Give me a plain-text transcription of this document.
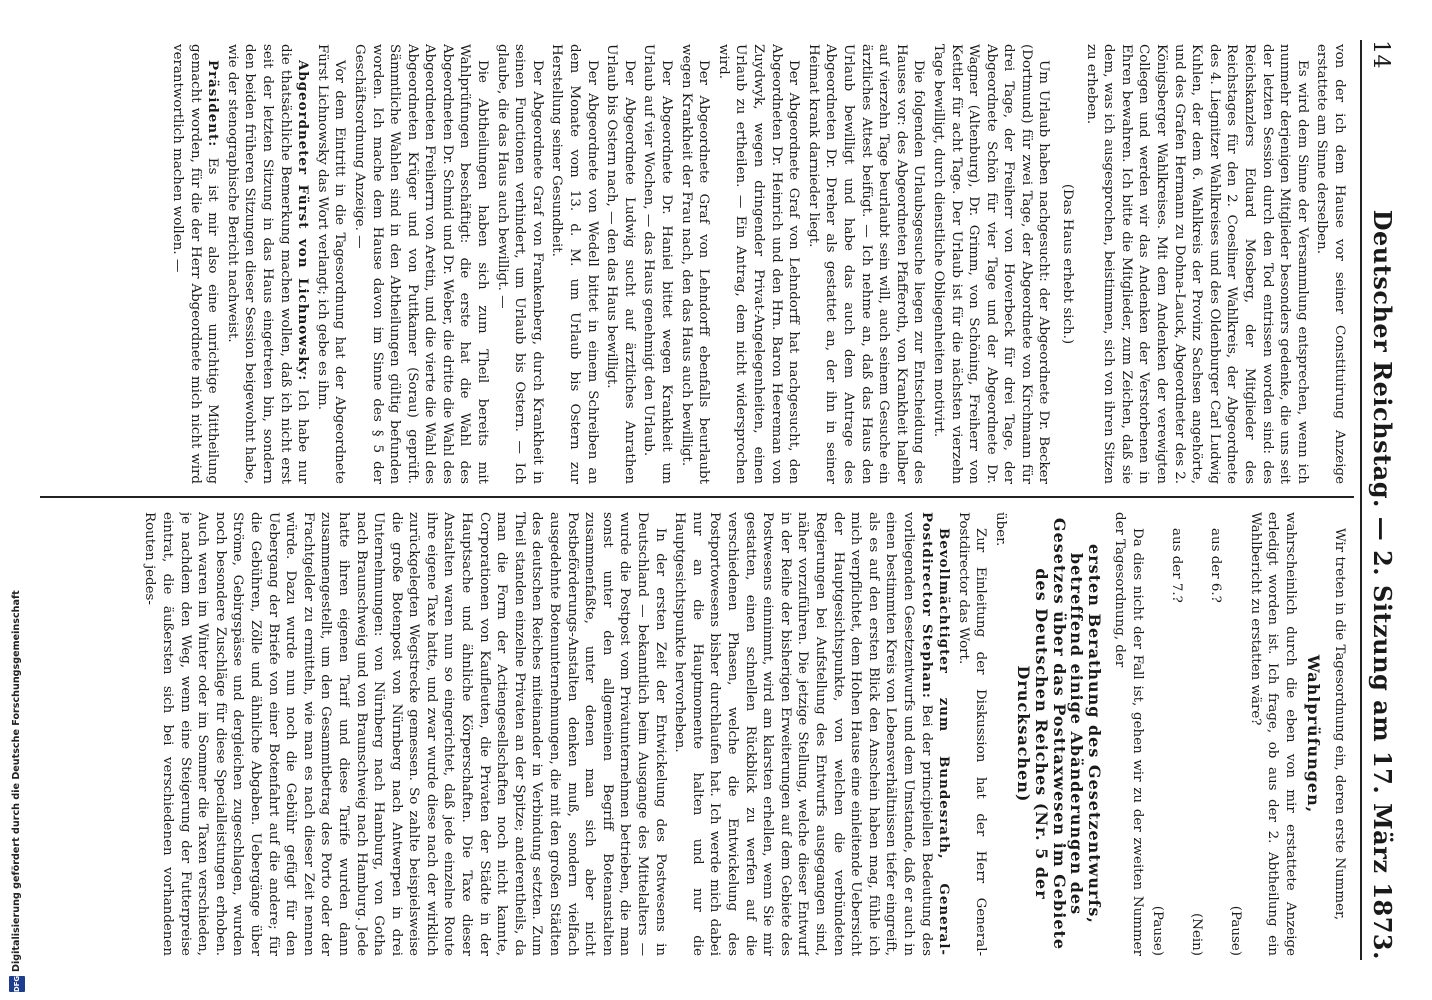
14
Deutscher Reichstag. — 2. Sitzung am 17. März 1873.

von der ich dem Hause vor seiner Constituirung Anzeige erstattete am Sinne derselben.

Es wird dem Sinne der Versammlung entsprechen, wenn ich nunmehr derjenigen Mitglieder besonders gedenke, die uns seit der letzten Session durch den Tod entrissen worden sind: des Reichskanzlers Eduard Mosberg, der Mitglieder des Reichstages für den 2. Coesliner Wahlkreis, der Abgeordnete des 4. Liegnitzer Wahlkreises und des Oldenburger Carl Ludwig Kuhlen, der dem 6. Wahlkreis der Provinz Sachsen angehörte, und des Grafen Hermann zu Dohna-Lauck, Abgeordneter des 2. Königsberger Wahlkreises. Mit dem Andenken der verewigten Collegen und werden wir das Andenken der Verstorbenen in Ehren bewahren. Ich bitte die Mitglieder, zum Zeichen, daß sie dem, was ich ausgesprochen, beistimmen, sich von ihren Sitzen zu erheben.

(Das Haus erhebt sich.)

Um Urlaub haben nachgesucht: der Abgeordnete Dr. Becker (Dortmund) für zwei Tage, der Abgeordnete von Kirchmann für drei Tage, der Freiherr von Hoverbeck für drei Tage, der Abgeordnete Schön für vier Tage und der Abgeordnete Dr. Wagner (Altenburg), Dr. Grimm, von Schöning, Freiherr von Kettler für acht Tage. Der Urlaub ist für die nächsten vierzehn Tage bewilligt, durch dienstliche Obliegenheiten motivirt.

Die folgenden Urlaubsgesuche liegen zur Entscheidung des Hauses vor: des Abgeordneten Pfafferoth, von Krankheit halber auf vierzehn Tage beurlaubt sein will, auch seinem Gesuche ein ärztliches Attest beifügt. — Ich nehme an, daß das Haus den Urlaub bewilligt und habe das auch dem Antrage des Abgeordneten Dr. Dreher als gestattet an, der ihn in seiner Heimat krank darnieder liegt.

Der Abgeordnete Graf von Lehndorff hat nachgesucht, den Abgeordneten Dr. Heinrich und den Hrn. Baron Heereman von Zuydwyk, wegen dringender Privat-Angelegenheiten, einen Urlaub zu ertheilen. — Ein Antrag, dem nicht widersprochen wird.

Der Abgeordnete Graf von Lehndorff ebenfalls beurlaubt wegen Krankheit der Frau nach, den das Haus auch bewilligt.

Der Abgeordnete Dr. Haniel bittet wegen Krankheit um Urlaub auf vier Wochen, — das Haus genehmigt den Urlaub.

Der Abgeordnete Ludwig sucht auf ärztliches Anrathen Urlaub bis Ostern nach, — den das Haus bewilligt.

Der Abgeordnete von Wedell bittet in einem Schreiben an dem Monate vom 13. d. M. um Urlaub bis Ostern zur Herstellung seiner Gesundheit.

Der Abgeordnete Graf von Frankenberg, durch Krankheit in seinen Functionen verhindert, um Urlaub bis Ostern. — Ich glaube, die das Haus auch bewilligt. —

Die Abtheilungen haben sich zum Theil bereits mit Wahlprüfungen beschäftigt: die erste hat die Wahl des Abgeordneten Dr. Schmid und Dr. Weber, die dritte die Wahl des Abgeordneten Freiherrn von Aretin, und die vierte die Wahl des Abgeordneten Krüger und von Puttkamer (Sorau) geprüft. Sämmtliche Wahlen sind in den Abtheilungen gültig befunden worden. Ich mache dem Hause davon im Sinne des § 5 der Geschäftsordnung Anzeige. —

Vor dem Eintritt in die Tagesordnung hat der Abgeordnete Fürst Lichnowsky das Wort verlangt; ich gebe es ihm.

Abgeordneter Fürst von Lichnowsky: Ich habe nur die thatsächliche Bemerkung machen wollen, daß ich nicht erst seit der letzten Sitzung in das Haus eingetreten bin, sondern den beiden früheren Sitzungen dieser Session beigewohnt habe, wie der stenographische Bericht nachweist.

Präsident: Es ist mir also eine unrichtige Mittheilung gemacht worden, für die der Herr Abgeordnete mich nicht wird verantwortlich machen wollen. —

Wir treten in die Tagesordnung ein, deren erste Nummer,

Wahlprüfungen,

wahrscheinlich durch die eben von mir erstattete Anzeige erledigt worden ist. Ich frage, ob aus der 2. Abtheilung ein Wahlbericht zu erstatten wäre?

(Pause)

aus der 6.?

(Nein)

aus der 7.?

(Pause)

Da dies nicht der Fall ist, gehen wir zu der zweiten Nummer der Tagesordnung, der

ersten Berathung des Gesetzentwurfs, betreffend einige Abänderungen des Gesetzes über das Posttaxwesen im Gebiete des Deutschen Reiches (Nr. 5 der Drucksachen)

über.

Zur Einleitung der Diskussion hat der Herr General-Postdirector das Wort.

Bevollmächtigter zum Bundesrath, General-Postdirector Stephan: Bei der principiellen Bedeutung des vorliegenden Gesetzentwurfs und dem Umstande, daß er auch in einen bestimmten Kreis von Lebensverhältnissen tiefer eingreift, als es auf den ersten Blick den Anschein haben mag, fühle ich mich verpflichtet, dem Hohen Hause eine einleitende Uebersicht der Hauptgesichtspunkte, von welchen die verbündeten Regierungen bei Aufstellung des Entwurfs ausgegangen sind, näher vorzuführen. Die jetzige Stellung, welche dieser Entwurf in der Reihe der bisherigen Erweiterungen auf dem Gebiete des Postwesens einnimmt, wird am klarsten erhellen, wenn Sie mir gestatten, einen schnellen Rückblick zu werfen auf die verschiedenen Phasen, welche die Entwickelung des Postportowesens bisher durchlaufen hat. Ich werde mich dabei nur an die Hauptmomente halten und nur die Hauptgesichtspunkte hervorheben.

In der ersten Zeit der Entwickelung des Postwesens in Deutschland — bekanntlich beim Ausgange des Mittelalters — wurde die Postpost vom Privatunternehmen betrieben, die man sonst unter den allgemeinen Begriff Botenanstalten zusammenfaßte, unter denen man sich aber nicht Postbeförderungs-Anstalten denken muß, sondern vielfach ausgedehnte Botenunternehmungen, die mit den großen Städten des deutschen Reiches miteinander in Verbindung setzten. Zum Theil standen einzelne Privaten an der Spitze; anderentheils, da man die Form der Actiengesellschaften noch nicht kannte, Corporationen von Kaufleuten, die Privaten der Städte in der Hauptsache und ähnliche Körperschaften. Die Taxe dieser Anstalten waren nun so eingerichtet, daß jede einzelne Route ihre eigene Taxe hatte, und zwar wurde diese nach der wirklich zurückgelegten Wegstrecke gemessen. So zahlte beispielsweise die große Botenpost von Nürnberg nach Antwerpen in drei Unternehmungen: von Nürnberg nach Hamburg, von Gotha nach Braunschweig und von Braunschweig nach Hamburg. Jede hatte ihren eigenen Tarif und diese Tarife wurden dann zusammengestellt, um den Gesammtbetrag des Porto oder der Frachtgelder zu ermitteln, wie man es nach dieser Zeit nennen würde. Dazu wurde nun noch die Gebühr gefügt für den Uebergang der Briefe von einer Botenfahrt auf die andere; für die Gebühren, Zölle und ähnliche Abgaben. Uebergänge über Ströme, Gebirgspässe und dergleichen zugeschlagen, wurden noch besondere Zuschläge für diese Specialleistungen erhoben. Auch waren im Winter oder im Sommer die Taxen verschieden, je nachdem den Weg, wenn eine Steigerung der Futterpreise eintrat, die äußersten sich bei verschiedenen vorhandenen Routen jedes-

Digitalisierung gefördert durch die Deutsche Forschungsgemeinschaft
DFG
